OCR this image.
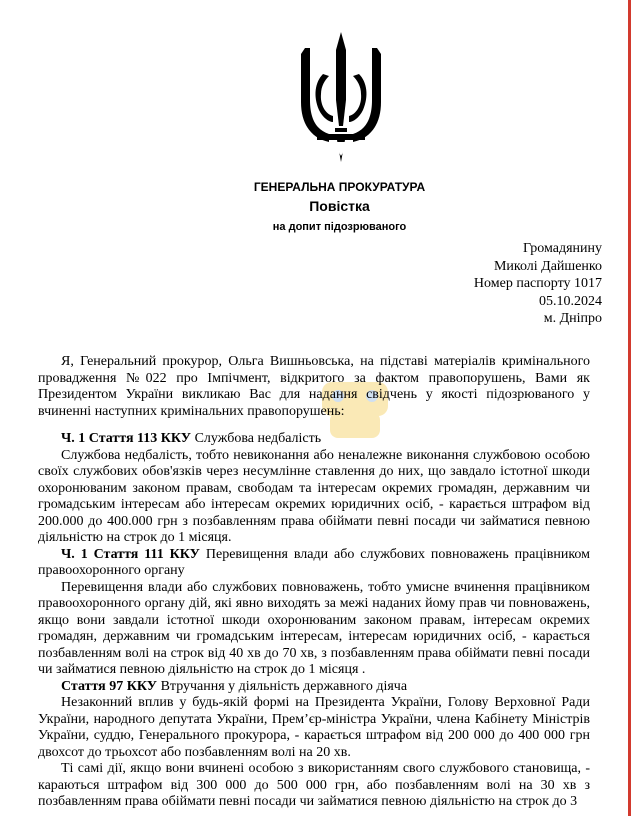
ГЕНЕРАЛЬНА ПРОКУРАТУРА
Повістка
на допит підозрюваного
Громадянину
Миколі Дайшенко
Номер паспорту 1017
05.10.2024
м. Дніпро

Я, Генеральний прокурор, Ольга Вишньовська, на підставі матеріалів кримінального провадження №022 про Імпічмент, відкритого за фактом правопорушень, Вами як Президентом України викликаю Вас для надання свідчень у якості підозрюваного у вчиненні наступних кримінальних правопорушень:

Ч. 1 Стаття 113 ККУ Службова недбалість

Службова недбалість, тобто невиконання або неналежне виконання службовою особою своїх службових обов'язків через несумлінне ставлення до них, що завдало істотної шкоди охоронюваним законом правам, свободам та інтересам окремих громадян, державним чи громадським інтересам або інтересам окремих юридичних осіб, - карається штрафом від 200.000 до 400.000 грн з позбавленням права обіймати певні посади чи займатися певною діяльністю на строк до 1 місяця.

Ч. 1 Стаття 111 ККУ Перевищення влади або службових повноважень працівником правоохоронного органу

Перевищення влади або службових повноважень, тобто умисне вчинення працівником правоохоронного органу дій, які явно виходять за межі наданих йому прав чи повноважень, якщо вони завдали істотної шкоди охоронюваним законом правам, інтересам окремих громадян, державним чи громадським інтересам, інтересам юридичних осіб, - карається позбавленням волі на строк від 40 хв до 70 хв, з позбавленням права обіймати певні посади чи займатися певною діяльністю на строк до 1 місяця .

Стаття 97 ККУ Втручання у діяльність державного діяча

Незаконний вплив у будь-якій формі на Президента України, Голову Верховної Ради України, народного депутата України, Прем’єр-міністра України, члена Кабінету Міністрів України, суддю, Генерального прокурора, - карається штрафом від 200 000 до 400 000 грн двохсот до трьохсот або позбавленням волі на 20 хв.

Ті самі дії, якщо вони вчинені особою з використанням свого службового становища, - караються штрафом від 300 000 до 500 000 грн, або позбавленням волі на 30 хв з позбавленням права обіймати певні посади чи займатися певною діяльністю на строк до 3
